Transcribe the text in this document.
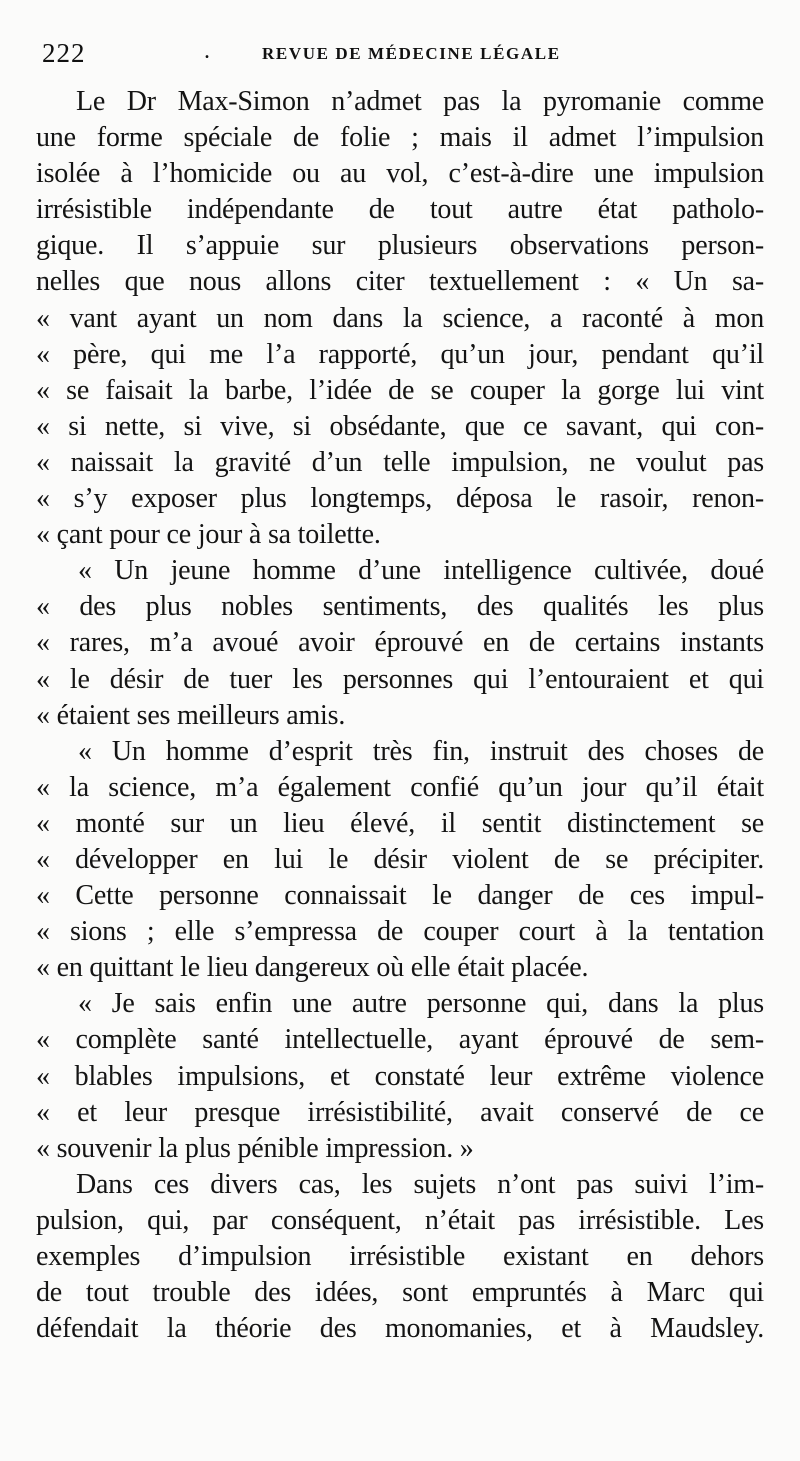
222	.	REVUE DE MÉDECINE LÉGALE
Le Dr Max-Simon n’admet pas la pyromanie comme
une forme spéciale de folie ; mais il admet l’impulsion
isolée à l’homicide ou au vol, c’est-à-dire une impulsion
irrésistible indépendante de tout autre état patholo-
gique. Il s’appuie sur plusieurs observations person-
nelles que nous allons citer textuellement : « Un sa-
« vant ayant un nom dans la science, a raconté à mon
« père, qui me l’a rapporté, qu’un jour, pendant qu’il
« se faisait la barbe, l’idée de se couper la gorge lui vint
« si nette, si vive, si obsédante, que ce savant, qui con-
« naissait la gravité d’un telle impulsion, ne voulut pas
« s’y exposer plus longtemps, déposa le rasoir, renon-
« çant pour ce jour à sa toilette.
« Un jeune homme d’une intelligence cultivée, doué
« des plus nobles sentiments, des qualités les plus
« rares, m’a avoué avoir éprouvé en de certains instants
« le désir de tuer les personnes qui l’entouraient et qui
« étaient ses meilleurs amis.
« Un homme d’esprit très fin, instruit des choses de
« la science, m’a également confié qu’un jour qu’il était
« monté sur un lieu élevé, il sentit distinctement se
« développer en lui le désir violent de se précipiter.
« Cette personne connaissait le danger de ces impul-
« sions ; elle s’empressa de couper court à la tentation
« en quittant le lieu dangereux où elle était placée.
« Je sais enfin une autre personne qui, dans la plus
« complète santé intellectuelle, ayant éprouvé de sem-
« blables impulsions, et constaté leur extrême violence
« et leur presque irrésistibilité, avait conservé de ce
« souvenir la plus pénible impression. »
Dans ces divers cas, les sujets n’ont pas suivi l’im-
pulsion, qui, par conséquent, n’était pas irrésistible. Les
exemples d’impulsion irrésistible existant en dehors
de tout trouble des idées, sont empruntés à Marc qui
défendait la théorie des monomanies, et à Maudsley.
